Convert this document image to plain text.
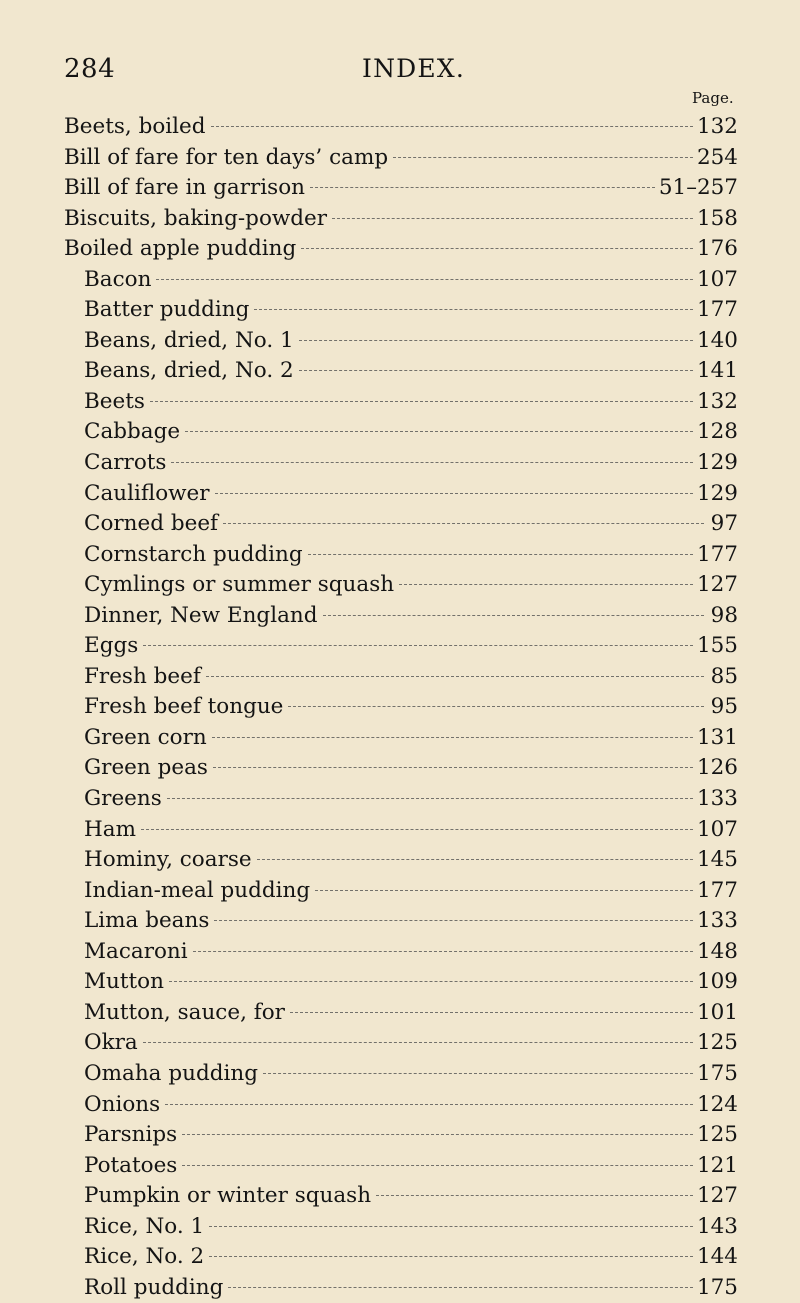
284	INDEX.
Page.
Beets, boiled	132
Bill of fare for ten days’ camp	254
Bill of fare in garrison	51–257
Biscuits, baking-powder	158
Boiled apple pudding	176
Bacon	107
Batter pudding	177
Beans, dried, No. 1	140
Beans, dried, No. 2	141
Beets	132
Cabbage	128
Carrots	129
Cauliflower	129
Corned beef	97
Cornstarch pudding	177
Cymlings or summer squash	127
Dinner, New England	98
Eggs	155
Fresh beef	85
Fresh beef tongue	95
Green corn	131
Green peas	126
Greens	133
Ham	107
Hominy, coarse	145
Indian-meal pudding	177
Lima beans	133
Macaroni	148
Mutton	109
Mutton, sauce, for	101
Okra	125
Omaha pudding	175
Onions	124
Parsnips	125
Potatoes	121
Pumpkin or winter squash	127
Rice, No. 1	143
Rice, No. 2	144
Roll pudding	175
